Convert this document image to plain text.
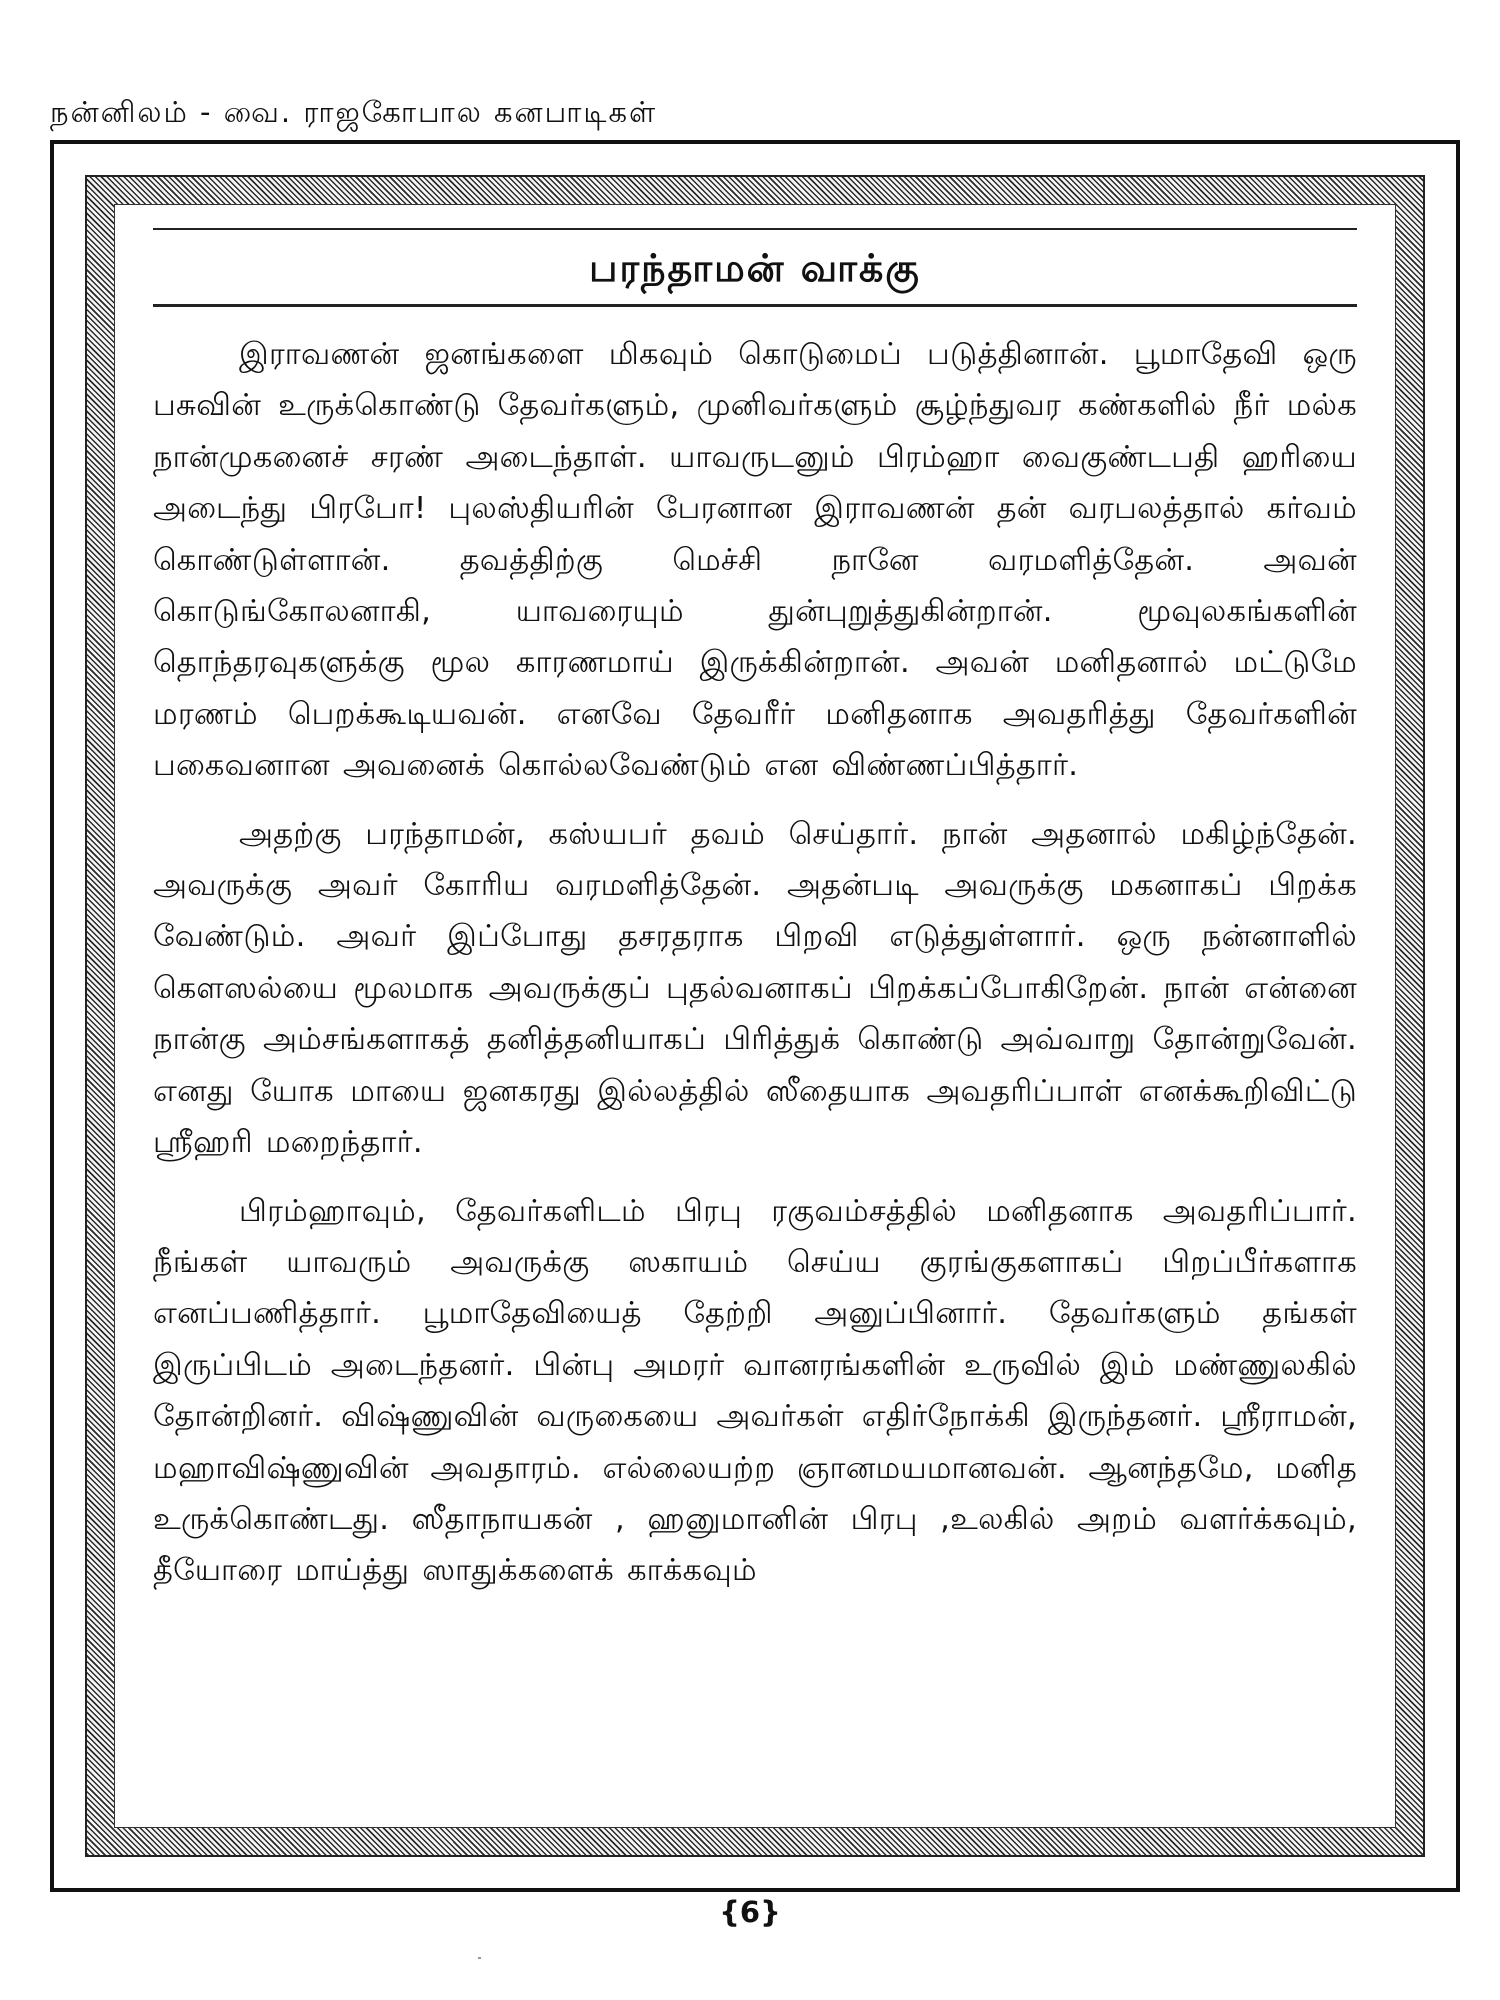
நன்னிலம் - வை. ராஜகோபால கனபாடிகள்
பரந்தாமன் வாக்கு

இராவணன் ஜனங்களை மிகவும் கொடுமைப் படுத்தினான். பூமாதேவி ஒரு பசுவின் உருக்கொண்டு தேவர்களும், முனிவர்களும் சூழ்ந்துவர கண்களில் நீர் மல்க நான்முகனைச் சரண் அடைந்தாள். யாவருடனும் பிரம்ஹா வைகுண்டபதி ஹரியை அடைந்து பிரபோ! புலஸ்தியரின் பேரனான இராவணன் தன் வரபலத்தால் கர்வம் கொண்டுள்ளான். தவத்திற்கு மெச்சி நானே வரமளித்தேன். அவன் கொடுங்கோலனாகி, யாவரையும் துன்புறுத்துகின்றான். மூவுலகங்களின் தொந்தரவுகளுக்கு மூல காரணமாய் இருக்கின்றான். அவன் மனிதனால் மட்டுமே மரணம் பெறக்கூடியவன். எனவே தேவரீர் மனிதனாக அவதரித்து தேவர்களின் பகைவனான அவனைக் கொல்லவேண்டும் என விண்ணப்பித்தார்.

அதற்கு பரந்தாமன், கஸ்யபர் தவம் செய்தார். நான் அதனால் மகிழ்ந்தேன். அவருக்கு அவர் கோரிய வரமளித்தேன். அதன்படி அவருக்கு மகனாகப் பிறக்க வேண்டும். அவர் இப்போது தசரதராக பிறவி எடுத்துள்ளார். ஒரு நன்னாளில் கௌஸல்யை மூலமாக அவருக்குப் புதல்வனாகப் பிறக்கப்போகிறேன். நான் என்னை நான்கு அம்சங்களாகத் தனித்தனியாகப் பிரித்துக் கொண்டு அவ்வாறு தோன்றுவேன். எனது யோக மாயை ஜனகரது இல்லத்தில் ஸீதையாக அவதரிப்பாள் எனக்கூறிவிட்டு ஸ்ரீஹரி மறைந்தார்.

பிரம்ஹாவும், தேவர்களிடம் பிரபு ரகுவம்சத்தில் மனிதனாக அவதரிப்பார். நீங்கள் யாவரும் அவருக்கு ஸகாயம் செய்ய குரங்குகளாகப் பிறப்பீர்களாக எனப்பணித்தார். பூமாதேவியைத் தேற்றி அனுப்பினார். தேவர்களும் தங்கள் இருப்பிடம் அடைந்தனர். பின்பு அமரர் வானரங்களின் உருவில் இம் மண்ணுலகில் தோன்றினர். விஷ்ணுவின் வருகையை அவர்கள் எதிர்நோக்கி இருந்தனர். ஸ்ரீராமன், மஹாவிஷ்ணுவின் அவதாரம். எல்லையற்ற ஞானமயமானவன். ஆனந்தமே, மனித உருக்கொண்டது. ஸீதாநாயகன் , ஹனுமானின் பிரபு ,உலகில் அறம் வளர்க்கவும், தீயோரை மாய்த்து ஸாதுக்களைக் காக்கவும்

{6}
